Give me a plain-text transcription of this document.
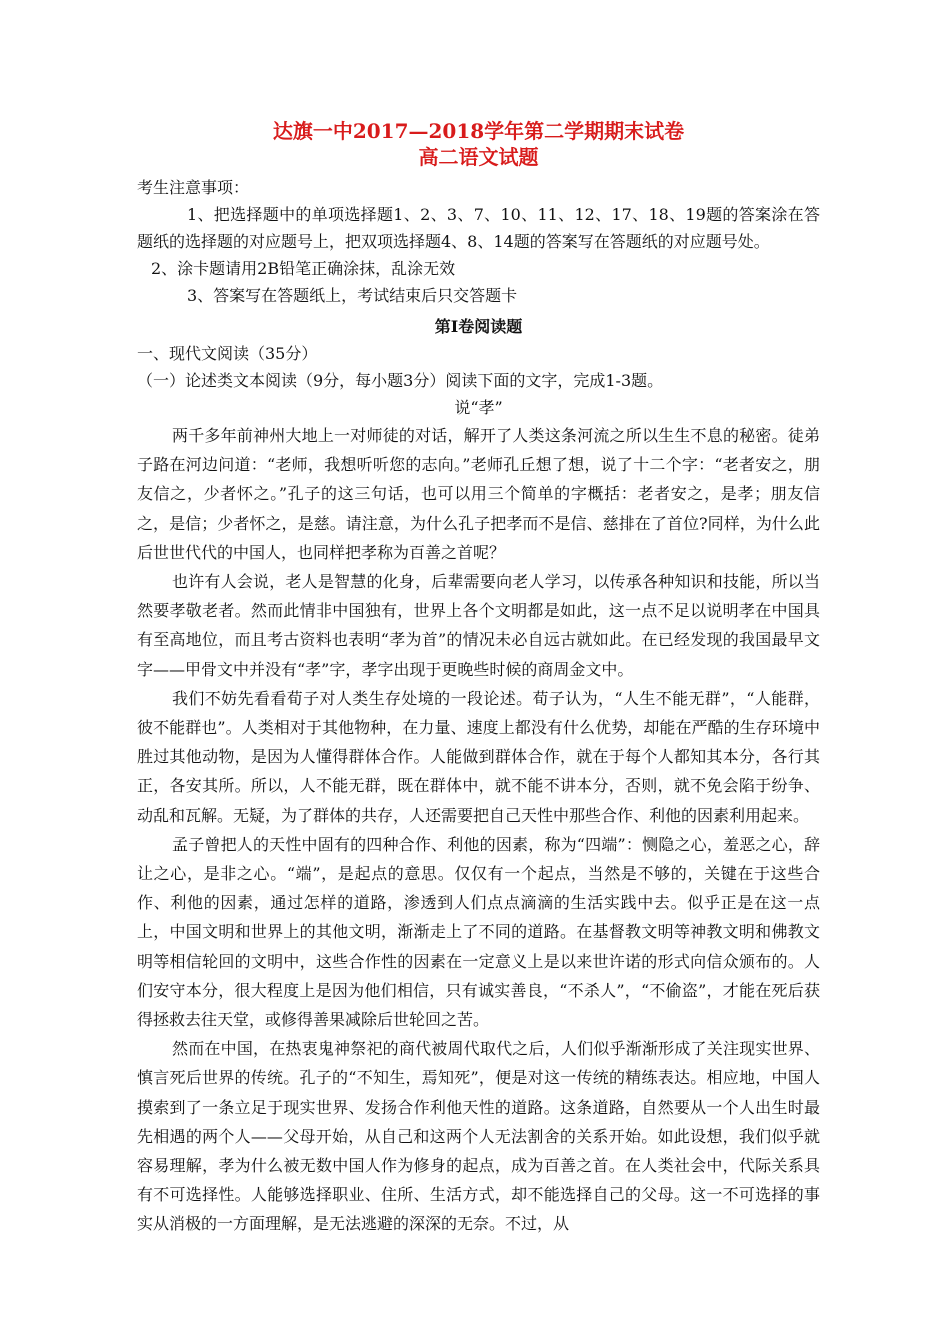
达旗一中2017—2018学年第二学期期末试卷
高二语文试题

考生注意事项：

1、把选择题中的单项选择题1、2、3、7、10、11、12、17、18、19题的答案涂在答题纸的选择题的对应题号上，把双项选择题4、8、14题的答案写在答题纸的对应题号处。

2、涂卡题请用2B铅笔正确涂抹，乱涂无效

3、答案写在答题纸上，考试结束后只交答题卡

第Ⅰ卷阅读题

一、现代文阅读（35分）

（一）论述类文本阅读（9分，每小题3分）阅读下面的文字，完成1-3题。

说“孝”

两千多年前神州大地上一对师徒的对话，解开了人类这条河流之所以生生不息的秘密。徒弟子路在河边问道：“老师，我想听听您的志向。”老师孔丘想了想，说了十二个字：“老者安之，朋友信之，少者怀之。”孔子的这三句话，也可以用三个简单的字概括：老者安之，是孝；朋友信之，是信；少者怀之，是慈。请注意，为什么孔子把孝而不是信、慈排在了首位?同样，为什么此后世世代代的中国人，也同样把孝称为百善之首呢？

也许有人会说，老人是智慧的化身，后辈需要向老人学习，以传承各种知识和技能，所以当然要孝敬老者。然而此情非中国独有，世界上各个文明都是如此，这一点不足以说明孝在中国具有至高地位，而且考古资料也表明“孝为首”的情况未必自远古就如此。在已经发现的我国最早文字——甲骨文中并没有“孝”字，孝字出现于更晚些时候的商周金文中。

我们不妨先看看荀子对人类生存处境的一段论述。荀子认为，“人生不能无群”，“人能群，彼不能群也”。人类相对于其他物种，在力量、速度上都没有什么优势，却能在严酷的生存环境中胜过其他动物，是因为人懂得群体合作。人能做到群体合作，就在于每个人都知其本分，各行其正，各安其所。所以，人不能无群，既在群体中，就不能不讲本分，否则，就不免会陷于纷争、动乱和瓦解。无疑，为了群体的共存，人还需要把自己天性中那些合作、利他的因素利用起来。

孟子曾把人的天性中固有的四种合作、利他的因素，称为“四端”：恻隐之心，羞恶之心，辞让之心，是非之心。“端”，是起点的意思。仅仅有一个起点，当然是不够的，关键在于这些合作、利他的因素，通过怎样的道路，渗透到人们点点滴滴的生活实践中去。似乎正是在这一点上，中国文明和世界上的其他文明，渐渐走上了不同的道路。在基督教文明等神教文明和佛教文明等相信轮回的文明中，这些合作性的因素在一定意义上是以来世许诺的形式向信众颁布的。人们安守本分，很大程度上是因为他们相信，只有诚实善良，“不杀人”，“不偷盗”，才能在死后获得拯救去往天堂，或修得善果减除后世轮回之苦。

然而在中国，在热衷鬼神祭祀的商代被周代取代之后，人们似乎渐渐形成了关注现实世界、慎言死后世界的传统。孔子的“不知生，焉知死”，便是对这一传统的精练表达。相应地，中国人摸索到了一条立足于现实世界、发扬合作利他天性的道路。这条道路，自然要从一个人出生时最先相遇的两个人——父母开始，从自己和这两个人无法割舍的关系开始。如此设想，我们似乎就容易理解，孝为什么被无数中国人作为修身的起点，成为百善之首。在人类社会中，代际关系具有不可选择性。人能够选择职业、住所、生活方式，却不能选择自己的父母。这一不可选择的事实从消极的一方面理解，是无法逃避的深深的无奈。不过，从
